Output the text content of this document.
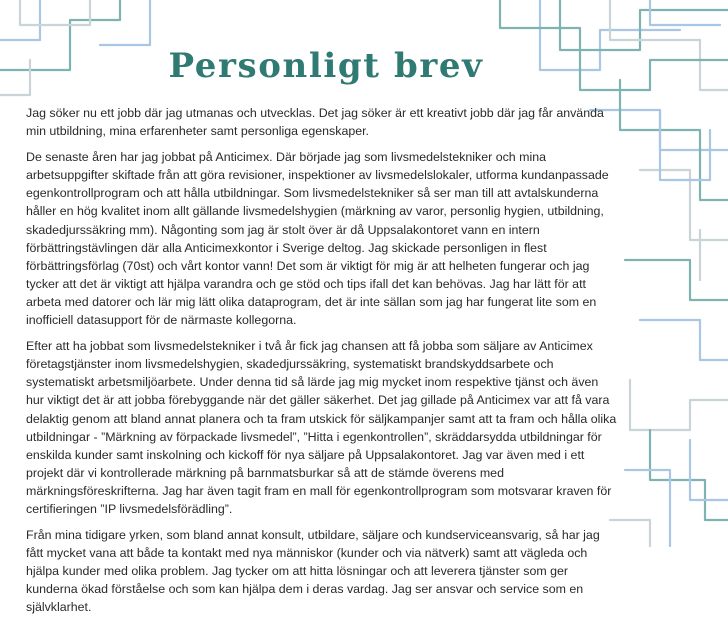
Personligt brev

Jag söker nu ett jobb där jag utmanas och utvecklas. Det jag söker är ett kreativt jobb där jag får använda min utbildning, mina erfarenheter samt personliga egenskaper.

De senaste åren har jag jobbat på Anticimex. Där började jag som livsmedelstekniker och mina arbetsuppgifter skiftade från att göra revisioner, inspektioner av livsmedelslokaler, utforma kundanpassade egenkontrollprogram och att hålla utbildningar. Som livsmedelstekniker så ser man till att avtalskunderna håller en hög kvalitet inom allt gällande livsmedelshygien (märkning av varor, personlig hygien, utbildning, skadedjurssäkring mm). Någonting som jag är stolt över är då Uppsalakontoret vann en intern förbättringstävlingen där alla Anticimexkontor i Sverige deltog. Jag skickade personligen in flest förbättringsförlag (70st) och vårt kontor vann! Det som är viktigt för mig är att helheten fungerar och jag tycker att det är viktigt att hjälpa varandra och ge stöd och tips ifall det kan behövas. Jag har lätt för att arbeta med datorer och lär mig lätt olika dataprogram, det är inte sällan som jag har fungerat lite som en inofficiell datasupport för de närmaste kollegorna.

Efter att ha jobbat som livsmedelstekniker i två år fick jag chansen att få jobba som säljare av Anticimex företagstjänster inom livsmedelshygien, skadedjurssäkring, systematiskt brandskyddsarbete och systematiskt arbetsmiljöarbete. Under denna tid så lärde jag mig mycket inom respektive tjänst och även hur viktigt det är att jobba förebyggande när det gäller säkerhet. Det jag gillade på Anticimex var att få vara delaktig genom att bland annat planera och ta fram utskick för säljkampanjer samt att ta fram och hålla olika utbildningar - ”Märkning av förpackade livsmedel”, ”Hitta i egenkontrollen”, skräddarsydda utbildningar för enskilda kunder samt inskolning och kickoff för nya säljare på Uppsalakontoret. Jag var även med i ett projekt där vi kontrollerade märkning på barnmatsburkar så att de stämde överens med märkningsföreskrifterna. Jag har även tagit fram en mall för egenkontrollprogram som motsvarar kraven för certifieringen ”IP livsmedelsförädling”.

Från mina tidigare yrken, som bland annat konsult, utbildare, säljare och kundserviceansvarig, så har jag fått mycket vana att både ta kontakt med nya människor (kunder och via nätverk) samt att vägleda och hjälpa kunder med olika problem. Jag tycker om att hitta lösningar och att leverera tjänster som ger kunderna ökad förståelse och som kan hjälpa dem i deras vardag. Jag ser ansvar och service som en självklarhet.
